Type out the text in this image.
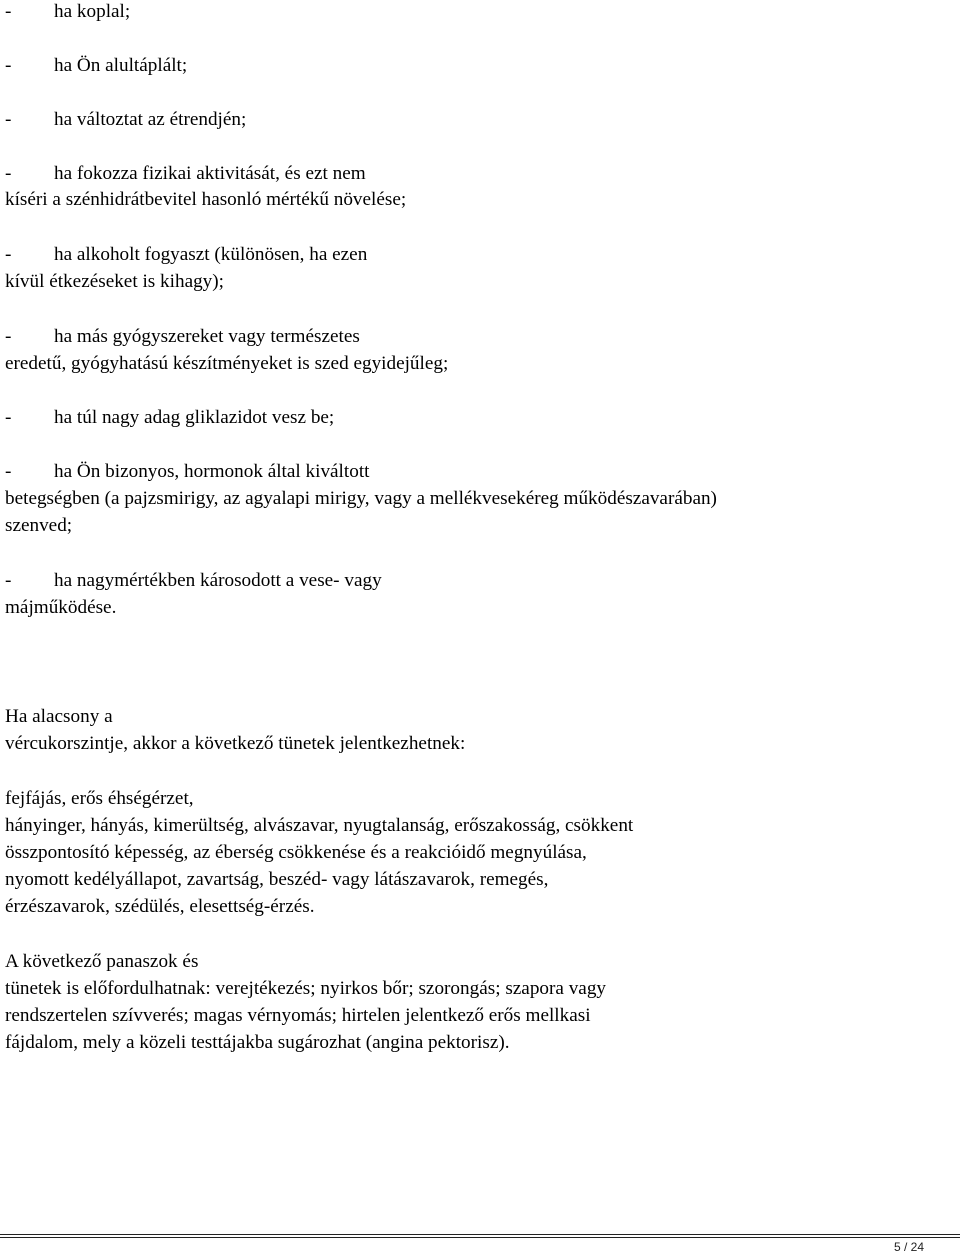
- ha koplal;
- ha Ön alultáplált;
- ha változtat az étrendjén;
- ha fokozza fizikai aktivitását, és ezt nem
kíséri a szénhidrátbevitel hasonló mértékű növelése;
- ha alkoholt fogyaszt (különösen, ha ezen
kívül étkezéseket is kihagy);
- ha más gyógyszereket vagy természetes
eredetű, gyógyhatású készítményeket is szed egyidejűleg;
- ha túl nagy adag gliklazidot vesz be;
- ha Ön bizonyos, hormonok által kiváltott
betegségben (a pajzsmirigy, az agyalapi mirigy, vagy a mellékvesekéreg működészavarában)
szenved;
- ha nagymértékben károsodott a vese- vagy
májműködése.
Ha alacsony a
vércukorszintje, akkor a következő tünetek jelentkezhetnek:
fejfájás, erős éhségérzet,
hányinger, hányás, kimerültség, alvászavar, nyugtalanság, erőszakosság, csökkent
összpontosító képesség, az éberség csökkenése és a reakcióidő megnyúlása,
nyomott kedélyállapot, zavartság, beszéd- vagy látászavarok, remegés,
érzészavarok, szédülés, elesettség-érzés.
A következő panaszok és
tünetek is előfordulhatnak: verejtékezés; nyirkos bőr; szorongás; szapora vagy
rendszertelen szívverés; magas vérnyomás; hirtelen jelentkező erős mellkasi
fájdalom, mely a közeli testtájakba sugározhat (angina pektorisz).
5 / 24
